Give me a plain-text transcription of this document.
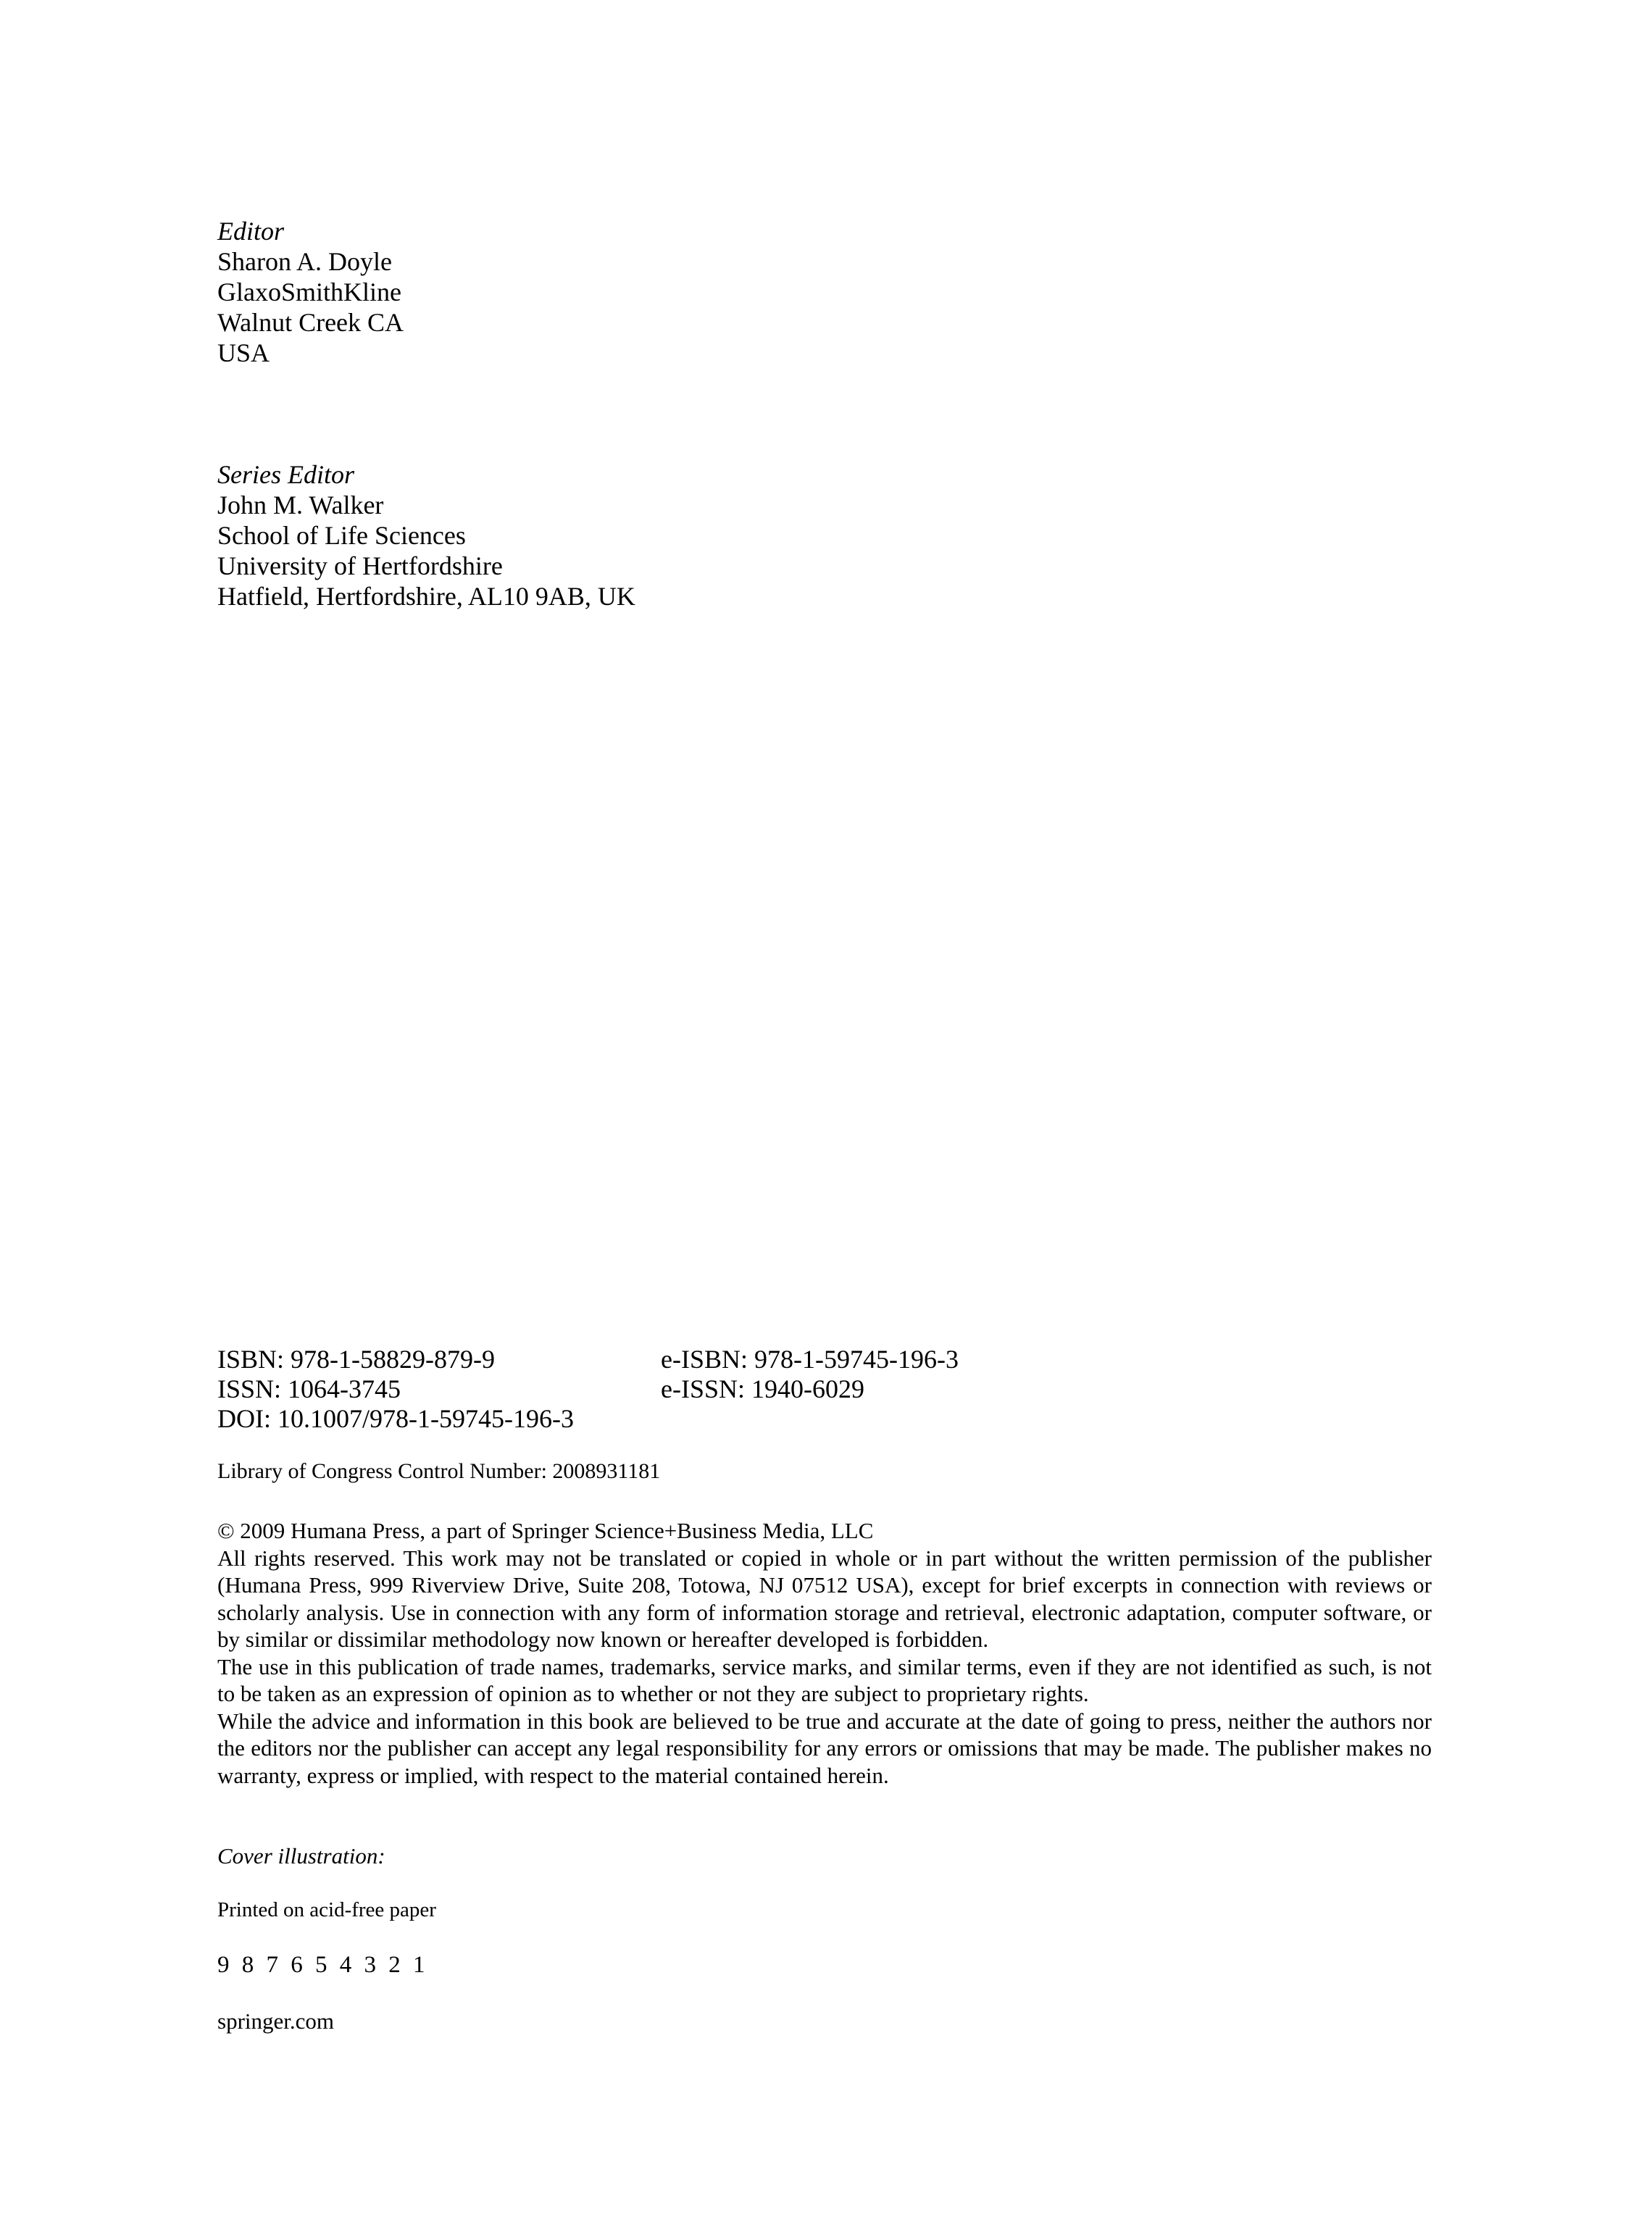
Editor
Sharon A. Doyle
GlaxoSmithKline
Walnut Creek CA
USA
Series Editor
John M. Walker
School of Life Sciences
University of Hertfordshire
Hatfield, Hertfordshire, AL10 9AB, UK
ISBN: 978-1-58829-879-9	e-ISBN: 978-1-59745-196-3
ISSN: 1064-3745	e-ISSN: 1940-6029
DOI: 10.1007/978-1-59745-196-3
Library of Congress Control Number: 2008931181

© 2009 Humana Press, a part of Springer Science+Business Media, LLC

All rights reserved. This work may not be translated or copied in whole or in part without the written permission of the publisher (Humana Press, 999 Riverview Drive, Suite 208, Totowa, NJ 07512 USA), except for brief excerpts in connection with reviews or scholarly analysis. Use in connection with any form of information storage and retrieval, electronic adaptation, computer software, or by similar or dissimilar methodology now known or hereafter developed is forbidden.

The use in this publication of trade names, trademarks, service marks, and similar terms, even if they are not identified as such, is not to be taken as an expression of opinion as to whether or not they are subject to proprietary rights.

While the advice and information in this book are believed to be true and accurate at the date of going to press, neither the authors nor the editors nor the publisher can accept any legal responsibility for any errors or omissions that may be made. The publisher makes no warranty, express or implied, with respect to the material contained herein.

Cover illustration:
Printed on acid-free paper
9 8 7 6 5 4 3 2 1
springer.com
